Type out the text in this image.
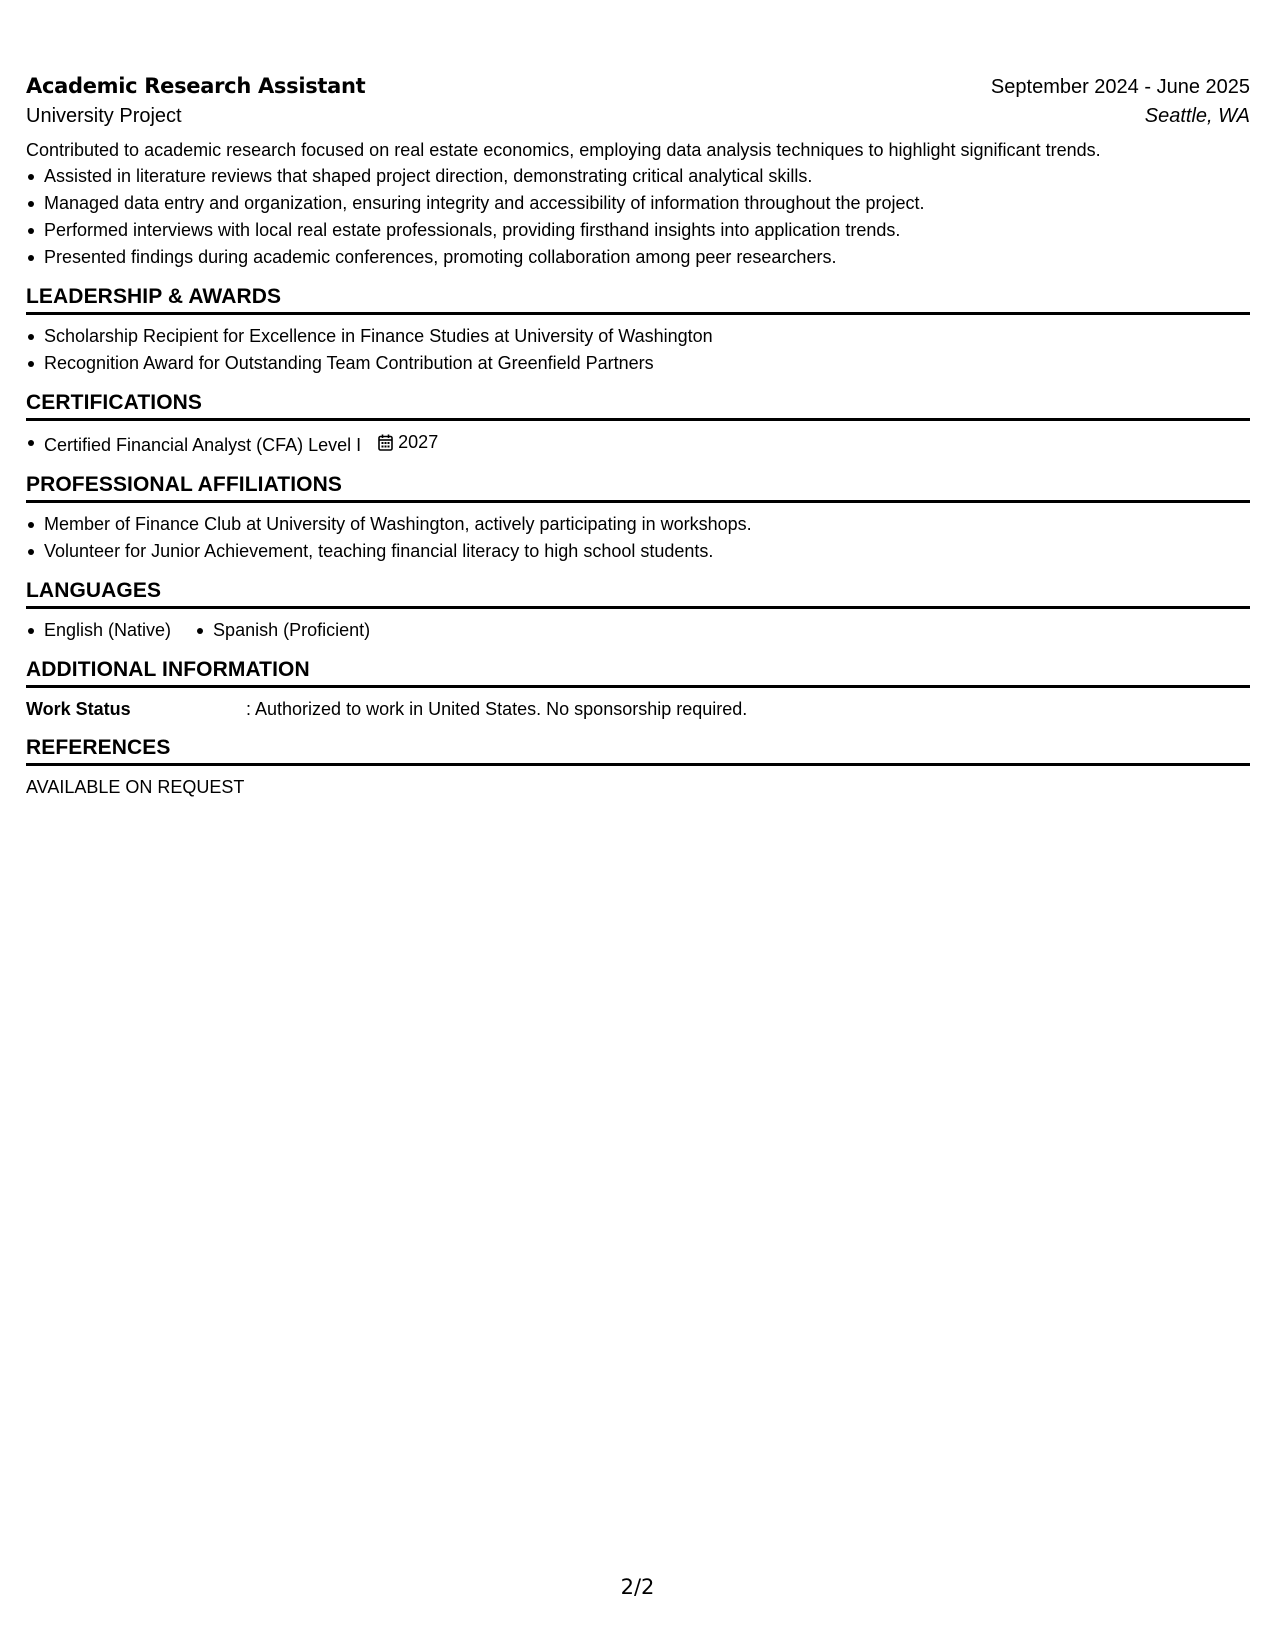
Academic Research Assistant	September 2024 - June 2025
University Project	Seattle, WA
Contributed to academic research focused on real estate economics, employing data analysis techniques to highlight significant trends.
Assisted in literature reviews that shaped project direction, demonstrating critical analytical skills.
Managed data entry and organization, ensuring integrity and accessibility of information throughout the project.
Performed interviews with local real estate professionals, providing firsthand insights into application trends.
Presented findings during academic conferences, promoting collaboration among peer researchers.
LEADERSHIP & AWARDS
Scholarship Recipient for Excellence in Finance Studies at University of Washington
Recognition Award for Outstanding Team Contribution at Greenfield Partners
CERTIFICATIONS
Certified Financial Analyst (CFA) Level I 2027
PROFESSIONAL AFFILIATIONS
Member of Finance Club at University of Washington, actively participating in workshops.
Volunteer for Junior Achievement, teaching financial literacy to high school students.
LANGUAGES
English (Native) Spanish (Proficient)
ADDITIONAL INFORMATION
Work Status	: Authorized to work in United States. No sponsorship required.
REFERENCES
AVAILABLE ON REQUEST
2/2
